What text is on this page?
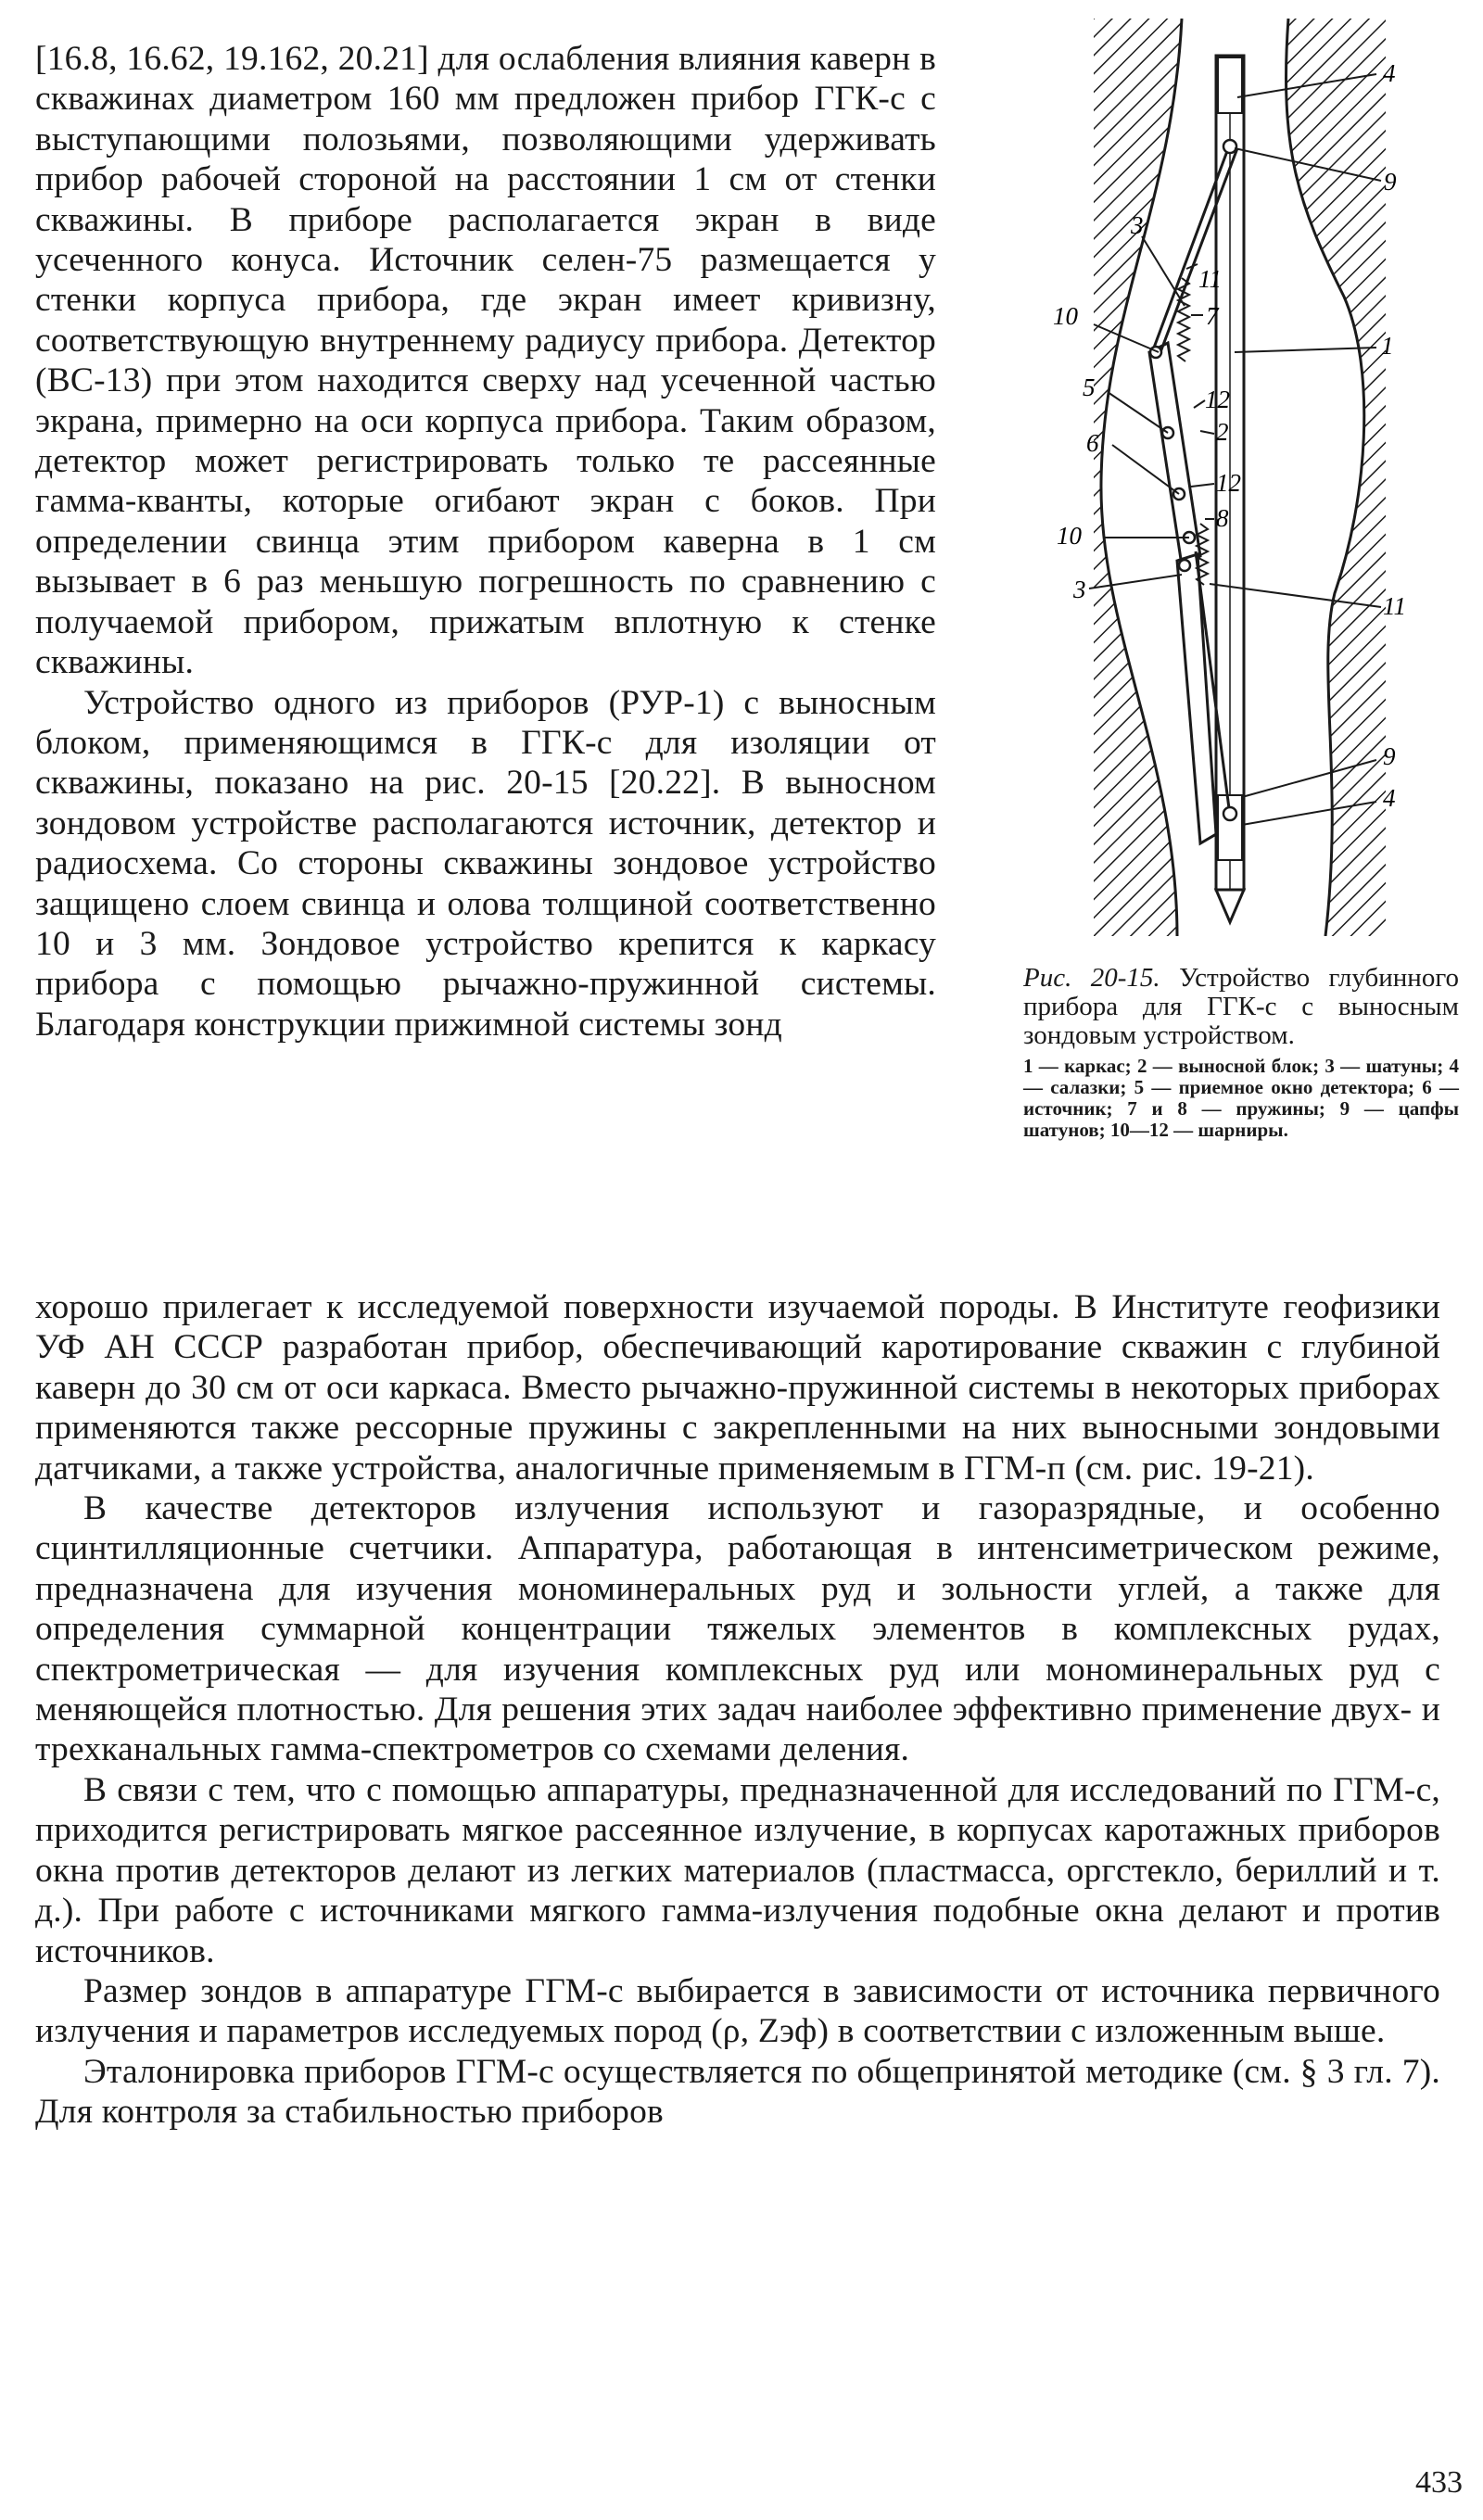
[16.8, 16.62, 19.162, 20.21] для ослабления влияния каверн в скважинах диаметром 160 мм предложен прибор ГГК-с с выступающими полозьями, позволяющими удерживать прибор рабочей стороной на расстоянии 1 см от стенки скважины. В приборе располагается экран в виде усеченного конуса. Источник селен-75 размещается у стенки корпуса прибора, где экран имеет кривизну, соответствующую внутреннему радиусу прибора. Детектор (ВС-13) при этом находится сверху над усеченной частью экрана, примерно на оси корпуса прибора. Таким образом, детектор может регистрировать только те рассеянные гамма-кванты, которые огибают экран с боков. При определении свинца этим прибором каверна в 1 см вызывает в 6 раз меньшую погрешность по сравнению с получаемой прибором, прижатым вплотную к стенке скважины.

Устройство одного из приборов (РУР-1) с выносным блоком, применяющимся в ГГК-с для изоляции от скважины, показано на рис. 20-15 [20.22]. В выносном зондовом устройстве располагаются источник, детектор и радиосхема. Со стороны скважины зондовое устройство защищено слоем свинца и олова толщиной соответственно 10 и 3 мм. Зондовое устройство крепится к каркасу прибора с помощью рычажно-пружинной системы. Благодаря конструкции прижимной системы зонд

4
9
3
11
7
10
1
5	12
2
6
12
8
10
3
11
9
4

Рис. 20-15. Устройство глубинного прибора для ГГК-с с выносным зондовым устройством.

1 — каркас; 2 — выносной блок; 3 — шатуны; 4 — салазки; 5 — приемное окно детектора; 6 — источник; 7 и 8 — пружины; 9 — цапфы шатунов; 10—12 — шарниры.

хорошо прилегает к исследуемой поверхности изучаемой породы. В Институте геофизики УФ АН СССР разработан прибор, обеспечивающий каротирование скважин с глубиной каверн до 30 см от оси каркаса. Вместо рычажно-пружинной системы в некоторых приборах применяются также рессорные пружины с закрепленными на них выносными зондовыми датчиками, а также устройства, аналогичные применяемым в ГГМ-п (см. рис. 19-21).

В качестве детекторов излучения используют и газоразрядные, и особенно сцинтилляционные счетчики. Аппаратура, работающая в интенсиметрическом режиме, предназначена для изучения мономинеральных руд и зольности углей, а также для определения суммарной концентрации тяжелых элементов в комплексных рудах, спектрометрическая — для изучения комплексных руд или мономинеральных руд с меняющейся плотностью. Для решения этих задач наиболее эффективно применение двух- и трехканальных гамма-спектрометров со схемами деления.

В связи с тем, что с помощью аппаратуры, предназначенной для исследований по ГГМ-с, приходится регистрировать мягкое рассеянное излучение, в корпусах каротажных приборов окна против детекторов делают из легких материалов (пластмасса, оргстекло, бериллий и т. д.). При работе с источниками мягкого гамма-излучения подобные окна делают и против источников.

Размер зондов в аппаратуре ГГМ-с выбирается в зависимости от источника первичного излучения и параметров исследуемых пород (ρ, Zэф) в соответствии с изложенным выше.

Эталонировка приборов ГГМ-с осуществляется по общепринятой методике (см. § 3 гл. 7). Для контроля за стабильностью приборов

433
